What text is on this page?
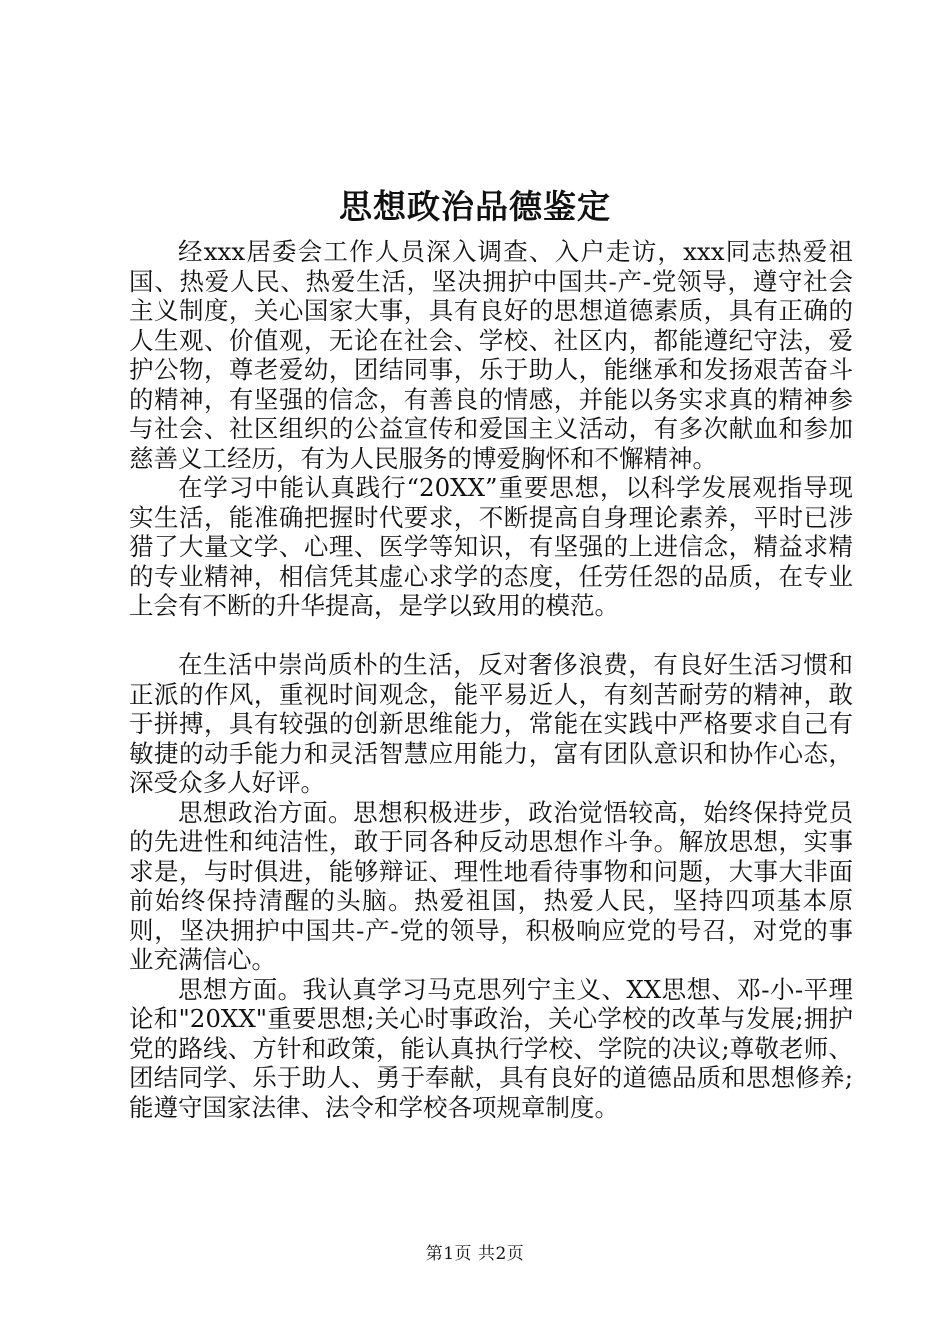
思想政治品德鉴定

经xxx居委会工作人员深入调查、入户走访，xxx同志热爱祖国、热爱人民、热爱生活，坚决拥护中国共-产-党领导，遵守社会主义制度，关心国家大事，具有良好的思想道德素质，具有正确的人生观、价值观，无论在社会、学校、社区内，都能遵纪守法，爱护公物，尊老爱幼，团结同事，乐于助人，能继承和发扬艰苦奋斗的精神，有坚强的信念，有善良的情感，并能以务实求真的精神参与社会、社区组织的公益宣传和爱国主义活动，有多次献血和参加慈善义工经历，有为人民服务的博爱胸怀和不懈精神。

在学习中能认真践行“20XX”重要思想，以科学发展观指导现实生活，能准确把握时代要求，不断提高自身理论素养，平时已涉猎了大量文学、心理、医学等知识，有坚强的上进信念，精益求精的专业精神，相信凭其虚心求学的态度，任劳任怨的品质，在专业上会有不断的升华提高，是学以致用的模范。

在生活中崇尚质朴的生活，反对奢侈浪费，有良好生活习惯和正派的作风，重视时间观念，能平易近人，有刻苦耐劳的精神，敢于拼搏，具有较强的创新思维能力，常能在实践中严格要求自己有敏捷的动手能力和灵活智慧应用能力，富有团队意识和协作心态，深受众多人好评。

思想政治方面。思想积极进步，政治觉悟较高，始终保持党员的先进性和纯洁性，敢于同各种反动思想作斗争。解放思想，实事求是，与时俱进，能够辩证、理性地看待事物和问题，大事大非面前始终保持清醒的头脑。热爱祖国，热爱人民，坚持四项基本原则，坚决拥护中国共-产-党的领导，积极响应党的号召，对党的事业充满信心。

思想方面。我认真学习马克思列宁主义、XX思想、邓-小-平理论和"20XX"重要思想;关心时事政治，关心学校的改革与发展;拥护党的路线、方针和政策，能认真执行学校、学院的决议;尊敬老师、团结同学、乐于助人、勇于奉献，具有良好的道德品质和思想修养;能遵守国家法律、法令和学校各项规章制度。

第1页 共2页
